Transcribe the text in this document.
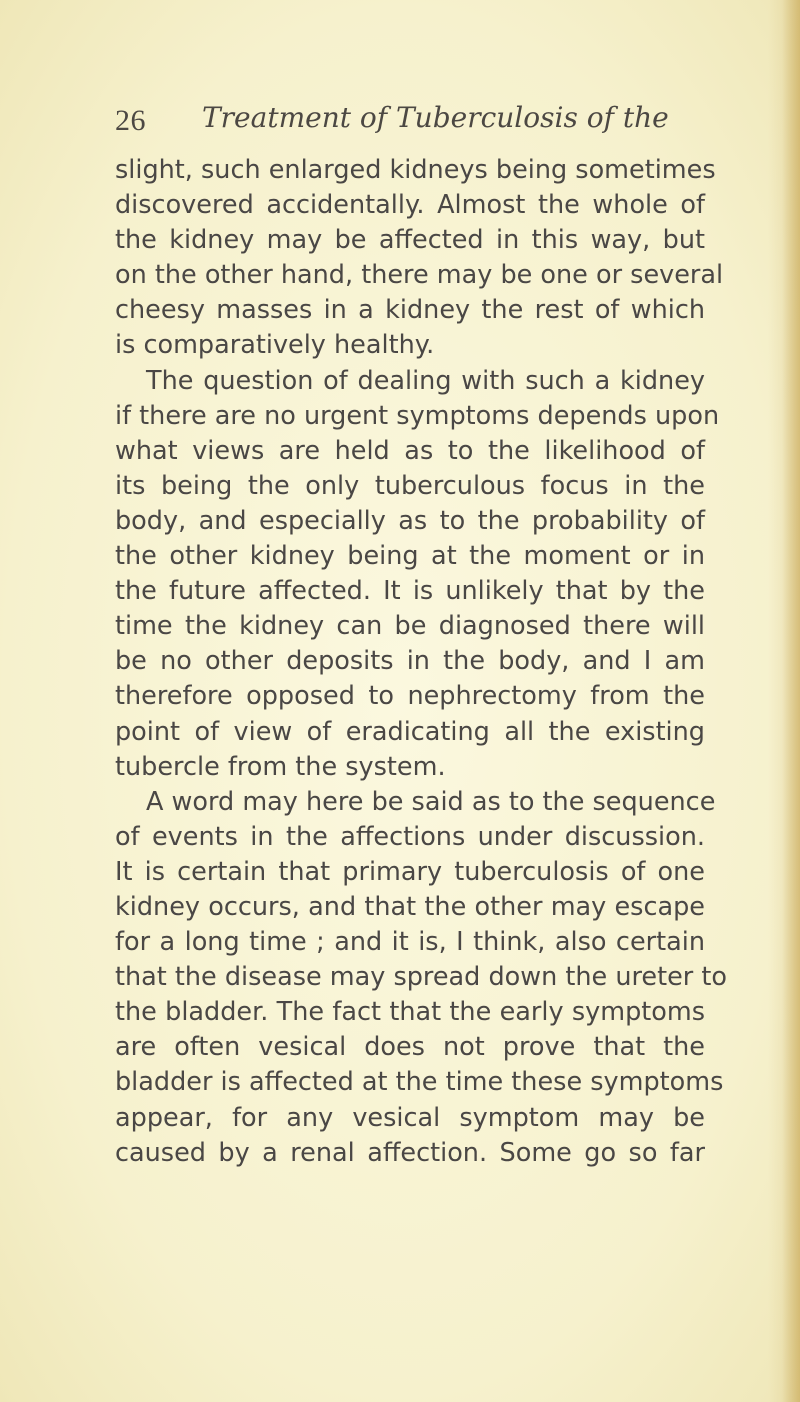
26 Treatment of Tuberculosis of the
slight, such enlarged kidneys being sometimes
discovered accidentally. Almost the whole of
the kidney may be affected in this way, but
on the other hand, there may be one or several
cheesy masses in a kidney the rest of which
is comparatively healthy.
The question of dealing with such a kidney
if there are no urgent symptoms depends upon
what views are held as to the likelihood of
its being the only tuberculous focus in the
body, and especially as to the probability of
the other kidney being at the moment or in
the future affected. It is unlikely that by the
time the kidney can be diagnosed there will
be no other deposits in the body, and I am
therefore opposed to nephrectomy from the
point of view of eradicating all the existing
tubercle from the system.
A word may here be said as to the sequence
of events in the affections under discussion.
It is certain that primary tuberculosis of one
kidney occurs, and that the other may escape
for a long time ; and it is, I think, also certain
that the disease may spread down the ureter to
the bladder. The fact that the early symptoms
are often vesical does not prove that the
bladder is affected at the time these symptoms
appear, for any vesical symptom may be
caused by a renal affection. Some go so far
